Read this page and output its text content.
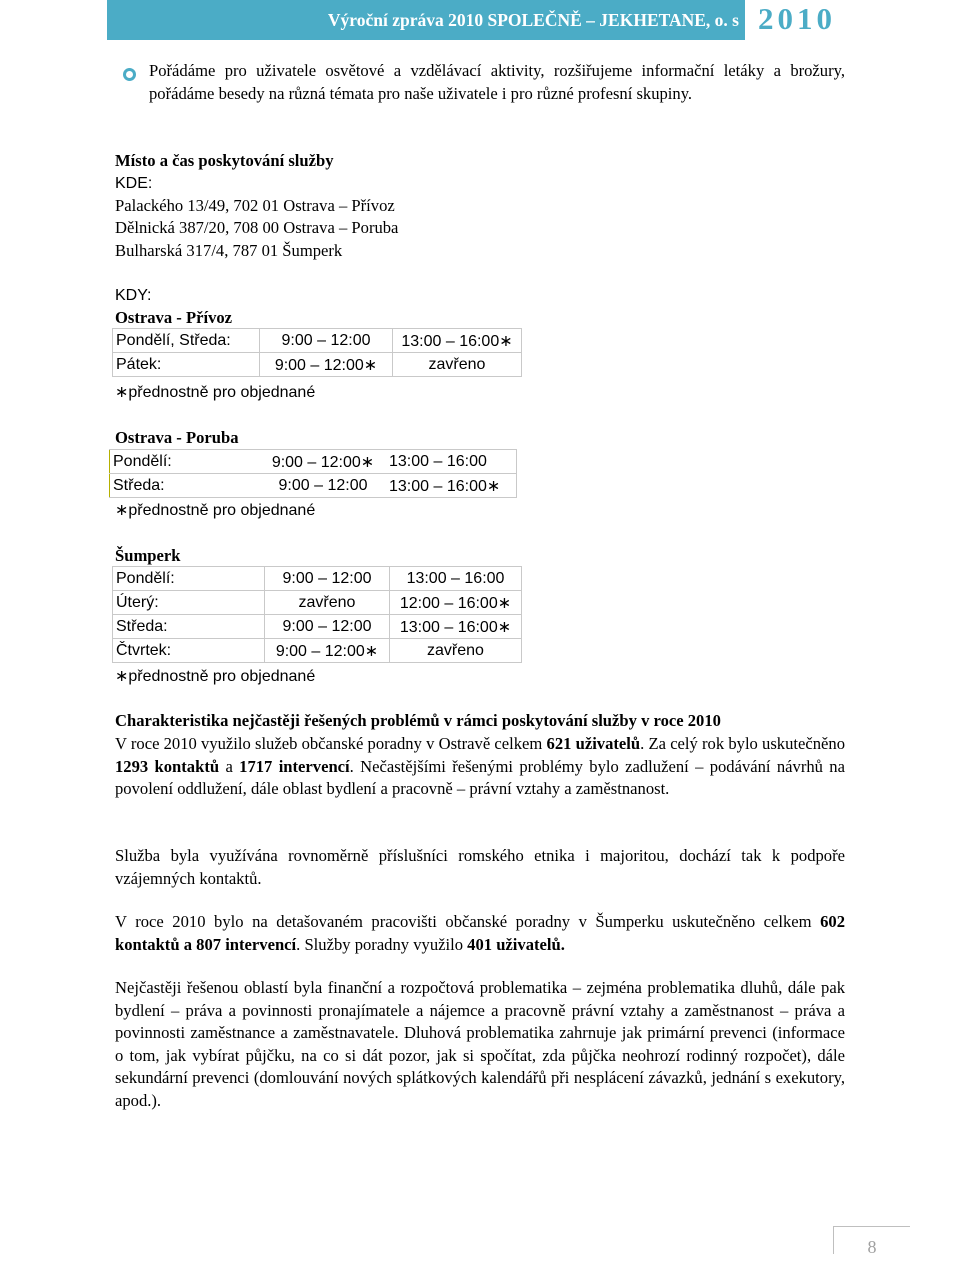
Výroční zpráva 2010 SPOLEČNĚ – JEKHETANE, o. s 2010
Pořádáme pro uživatele osvětové a vzdělávací aktivity, rozšiřujeme informační letáky a brožury, pořádáme besedy na různá témata pro naše uživatele i pro různé profesní skupiny.
Místo a čas poskytování služby
KDE:
Palackého 13/49, 702 01 Ostrava – Přívoz
Dělnická 387/20, 708 00 Ostrava – Poruba
Bulharská 317/4, 787 01 Šumperk
KDY:
Ostrava - Přívoz
Pondělí, Středa:	9:00 – 12:00	13:00 – 16:00∗
Pátek:	9:00 – 12:00∗	zavřeno
∗přednostně pro objednané
Ostrava - Poruba
Pondělí:	9:00 – 12:00∗	13:00 – 16:00
Středa:	9:00 – 12:00	13:00 – 16:00∗
∗přednostně pro objednané
Šumperk
Pondělí:	9:00 – 12:00	13:00 – 16:00
Úterý:	zavřeno	12:00 – 16:00∗
Středa:	9:00 – 12:00	13:00 – 16:00∗
Čtvrtek:	9:00 – 12:00∗	zavřeno
∗přednostně pro objednané
Charakteristika nejčastěji řešených problémů v rámci poskytování služby v roce 2010
V roce 2010 využilo služeb občanské poradny v Ostravě celkem 621 uživatelů. Za celý rok bylo uskutečněno 1293 kontaktů a 1717 intervencí. Nečastějšími řešenými problémy bylo zadlužení – podávání návrhů na povolení oddlužení, dále oblast bydlení a pracovně – právní vztahy a zaměstnanost.
Služba byla využívána rovnoměrně příslušníci romského etnika i majoritou, dochází tak k podpoře vzájemných kontaktů.
V roce 2010 bylo na detašovaném pracovišti občanské poradny v Šumperku uskutečněno celkem 602 kontaktů a 807 intervencí. Služby poradny využilo 401 uživatelů.
Nejčastěji řešenou oblastí byla finanční a rozpočtová problematika – zejména problematika dluhů, dále pak bydlení – práva a povinnosti pronajímatele a nájemce a pracovně právní vztahy a zaměstnanost – práva a povinnosti zaměstnance a zaměstnavatele. Dluhová problematika zahrnuje jak primární prevenci (informace o tom, jak vybírat půjčku, na co si dát pozor, jak si spočítat, zda půjčka neohrozí rodinný rozpočet), dále sekundární prevenci (domlouvání nových splátkových kalendářů při nesplácení závazků, jednání s exekutory, apod.).
8
